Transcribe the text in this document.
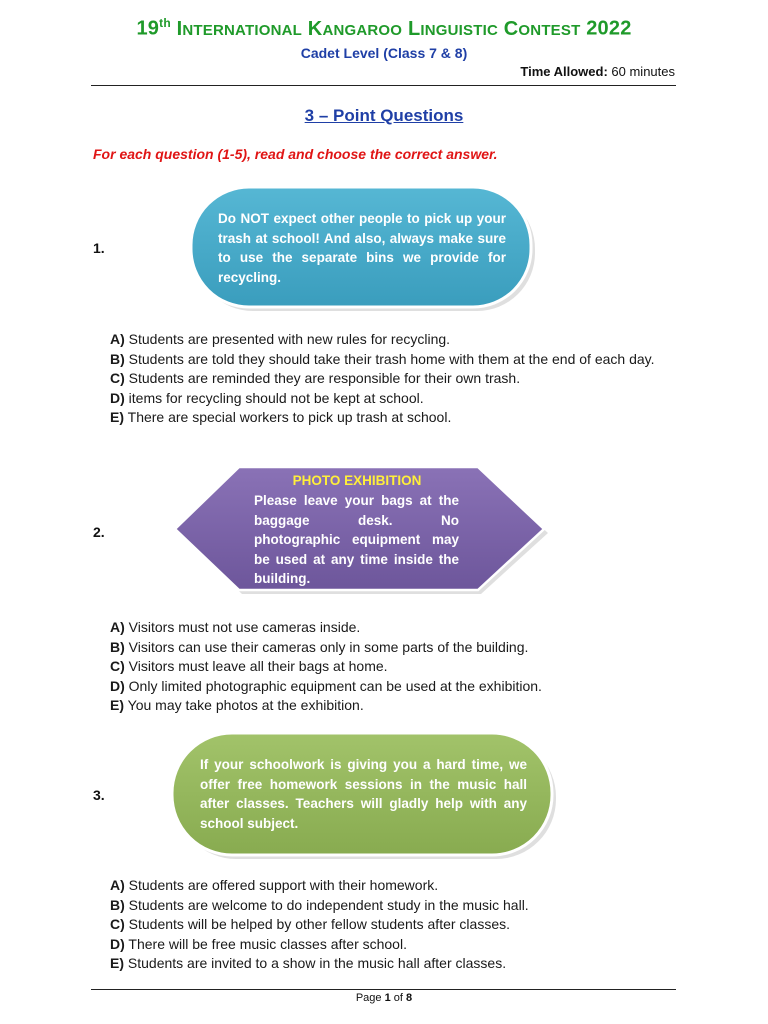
19th INTERNATIONAL KANGAROO LINGUISTIC CONTEST 2022
Cadet Level (Class 7 & 8)
Time Allowed: 60 minutes
3 – Point Questions
For each question (1-5), read and choose the correct answer.
1.
Do NOT expect other people to pick up your trash at school! And also, always make sure to use the separate bins we provide for recycling.
A) Students are presented with new rules for recycling.
B) Students are told they should take their trash home with them at the end of each day.
C) Students are reminded they are responsible for their own trash.
D) items for recycling should not be kept at school.
E) There are special workers to pick up trash at school.
2.
PHOTO EXHIBITION
Please leave your bags at the baggage desk. No photographic equipment may be used at any time inside the building.
A) Visitors must not use cameras inside.
B) Visitors can use their cameras only in some parts of the building.
C) Visitors must leave all their bags at home.
D) Only limited photographic equipment can be used at the exhibition.
E) You may take photos at the exhibition.
3.
If your schoolwork is giving you a hard time, we offer free homework sessions in the music hall after classes. Teachers will gladly help with any school subject.
A) Students are offered support with their homework.
B) Students are welcome to do independent study in the music hall.
C) Students will be helped by other fellow students after classes.
D) There will be free music classes after school.
E) Students are invited to a show in the music hall after classes.
Page 1 of 8
